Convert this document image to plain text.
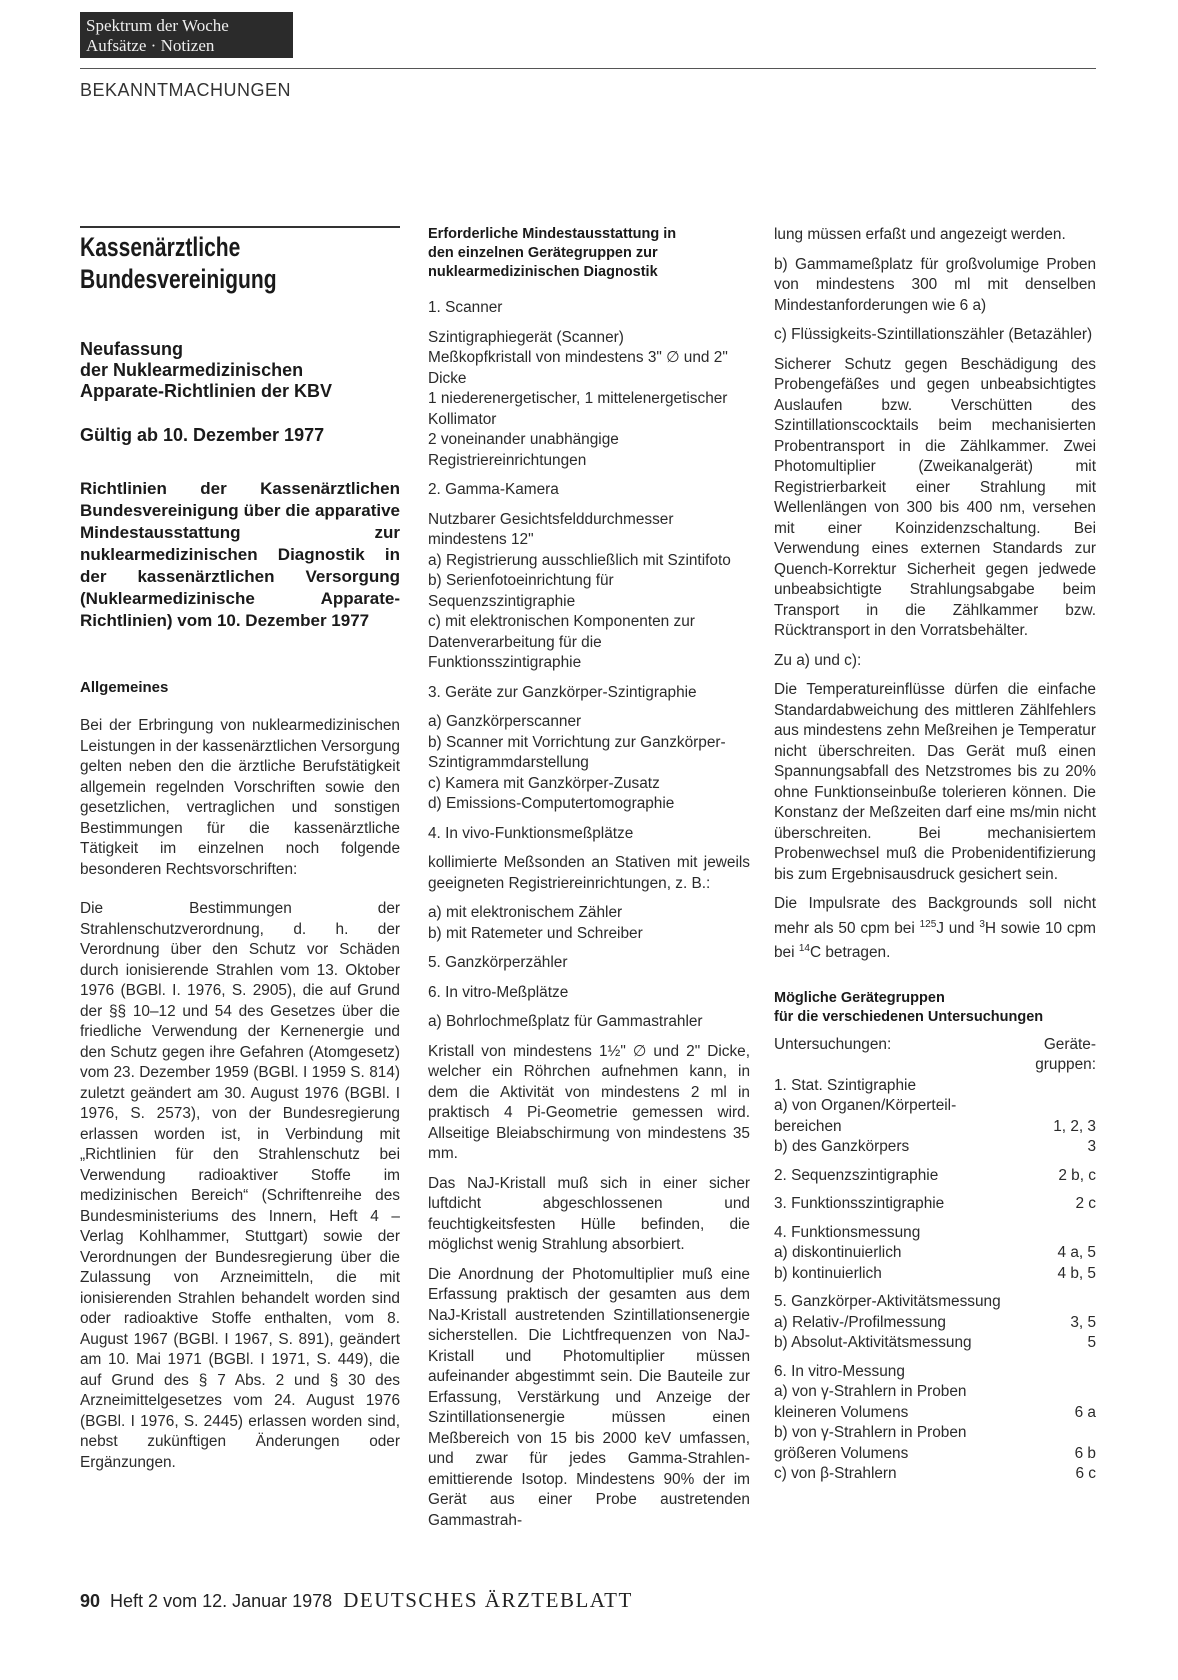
Spektrum der Woche
Aufsätze · Notizen
BEKANNTMACHUNGEN
Kassenärztliche
Bundesvereinigung
Neufassung
der Nuklearmedizinischen
Apparate-Richtlinien der KBV
Gültig ab 10. Dezember 1977
Richtlinien der Kassenärztlichen Bundesvereinigung über die apparative Mindestausstattung zur nuklearmedizinischen Diagnostik in der kassenärztlichen Versorgung (Nuklearmedizinische Apparate-Richtlinien) vom 10. Dezember 1977
Allgemeines

Bei der Erbringung von nuklearmedizinischen Leistungen in der kassenärztlichen Versorgung gelten neben den die ärztliche Berufstätigkeit allgemein regelnden Vorschriften sowie den gesetzlichen, vertraglichen und sonstigen Bestimmungen für die kassenärztliche Tätigkeit im einzelnen noch folgende besonderen Rechtsvorschriften:

Die Bestimmungen der Strahlenschutzverordnung, d. h. der Verordnung über den Schutz vor Schäden durch ionisierende Strahlen vom 13. Oktober 1976 (BGBl. I. 1976, S. 2905), die auf Grund der §§ 10–12 und 54 des Gesetzes über die friedliche Verwendung der Kernenergie und den Schutz gegen ihre Gefahren (Atomgesetz) vom 23. Dezember 1959 (BGBl. I 1959 S. 814) zuletzt geändert am 30. August 1976 (BGBl. I 1976, S. 2573), von der Bundesregierung erlassen worden ist, in Verbindung mit „Richtlinien für den Strahlenschutz bei Verwendung radioaktiver Stoffe im medizinischen Bereich“ (Schriftenreihe des Bundesministeriums des Innern, Heft 4 – Verlag Kohlhammer, Stuttgart) sowie der Verordnungen der Bundesregierung über die Zulassung von Arzneimitteln, die mit ionisierenden Strahlen behandelt worden sind oder radioaktive Stoffe enthalten, vom 8. August 1967 (BGBl. I 1967, S. 891), geändert am 10. Mai 1971 (BGBl. I 1971, S. 449), die auf Grund des § 7 Abs. 2 und § 30 des Arzneimittelgesetzes vom 24. August 1976 (BGBl. I 1976, S. 2445) erlassen worden sind, nebst zukünftigen Änderungen oder Ergänzungen.

Erforderliche Mindestausstattung in
den einzelnen Gerätegruppen zur nuklearmedizinischen Diagnostik

1. Scanner

Szintigraphiegerät (Scanner)
Meßkopfkristall von mindestens 3" ∅ und 2" Dicke
1 niederenergetischer, 1 mittelenergetischer Kollimator
2 voneinander unabhängige Registriereinrichtungen

2. Gamma-Kamera

Nutzbarer Gesichtsfelddurchmesser mindestens 12"
a) Registrierung ausschließlich mit Szintifoto
b) Serienfotoeinrichtung für Sequenzszintigraphie
c) mit elektronischen Komponenten zur Datenverarbeitung für die Funktionsszintigraphie

3. Geräte zur Ganzkörper-Szintigraphie

a) Ganzkörperscanner
b) Scanner mit Vorrichtung zur Ganzkörper-Szintigrammdarstellung
c) Kamera mit Ganzkörper-Zusatz
d) Emissions-Computertomographie

4. In vivo-Funktionsmeßplätze

kollimierte Meßsonden an Stativen mit jeweils geeigneten Registriereinrichtungen, z. B.:

a) mit elektronischem Zähler
b) mit Ratemeter und Schreiber

5. Ganzkörperzähler

6. In vitro-Meßplätze

a) Bohrlochmeßplatz für Gammastrahler

Kristall von mindestens 1½" ∅ und 2" Dicke, welcher ein Röhrchen aufnehmen kann, in dem die Aktivität von mindestens 2 ml in praktisch 4 Pi-Geometrie gemessen wird. Allseitige Bleiabschirmung von mindestens 35 mm.

Das NaJ-Kristall muß sich in einer sicher luftdicht abgeschlossenen und feuchtigkeitsfesten Hülle befinden, die möglichst wenig Strahlung absorbiert.

Die Anordnung der Photomultiplier muß eine Erfassung praktisch der gesamten aus dem NaJ-Kristall austretenden Szintillationsenergie sicherstellen. Die Lichtfrequenzen von NaJ-Kristall und Photomultiplier müssen aufeinander abgestimmt sein. Die Bauteile zur Erfassung, Verstärkung und Anzeige der Szintillationsenergie müssen einen Meßbereich von 15 bis 2000 keV umfassen, und zwar für jedes Gamma-Strahlen-emittierende Isotop. Mindestens 90% der im Gerät aus einer Probe austretenden Gammastrah-

lung müssen erfaßt und angezeigt werden.

b) Gammameßplatz für großvolumige Proben von mindestens 300 ml mit denselben Mindestanforderungen wie 6 a)

c) Flüssigkeits-Szintillationszähler (Betazähler)

Sicherer Schutz gegen Beschädigung des Probengefäßes und gegen unbeabsichtigtes Auslaufen bzw. Verschütten des Szintillationscocktails beim mechanisierten Probentransport in die Zählkammer. Zwei Photomultiplier (Zweikanalgerät) mit Registrierbarkeit einer Strahlung mit Wellenlängen von 300 bis 400 nm, versehen mit einer Koinzidenzschaltung. Bei Verwendung eines externen Standards zur Quench-Korrektur Sicherheit gegen jedwede unbeabsichtigte Strahlungsabgabe beim Transport in die Zählkammer bzw. Rücktransport in den Vorratsbehälter.

Zu a) und c):

Die Temperatureinflüsse dürfen die einfache Standardabweichung des mittleren Zählfehlers aus mindestens zehn Meßreihen je Temperatur nicht überschreiten. Das Gerät muß einen Spannungsabfall des Netzstromes bis zu 20% ohne Funktionseinbuße tolerieren können. Die Konstanz der Meßzeiten darf eine ms/min nicht überschreiten. Bei mechanisiertem Probenwechsel muß die Probenidentifizierung bis zum Ergebnisausdruck gesichert sein.

Die Impulsrate des Backgrounds soll nicht mehr als 50 cpm bei $^{125}$J und $^3$H sowie 10 cpm bei $^{14}$C betragen.

Mögliche Gerätegruppen
für die verschiedenen Untersuchungen
Untersuchungen:	Geräte-
gruppen:
1. Stat. Szintigraphie	
a) von Organen/Körperteil-	
bereichen	1, 2, 3
b) des Ganzkörpers	3
2. Sequenzszintigraphie	2 b, c
3. Funktionsszintigraphie	2 c
4. Funktionsmessung	
a) diskontinuierlich	4 a, 5
b) kontinuierlich	4 b, 5
5. Ganzkörper-Aktivitätsmessung	
a) Relativ-/Profilmessung	3, 5
b) Absolut-Aktivitätsmessung	5
6. In vitro-Messung	
a) von γ-Strahlern in Proben	
kleineren Volumens	6 a
b) von γ-Strahlern in Proben	
größeren Volumens	6 b
c) von β-Strahlern	6 c
90 Heft 2 vom 12. Januar 1978 DEUTSCHES ÄRZTEBLATT
